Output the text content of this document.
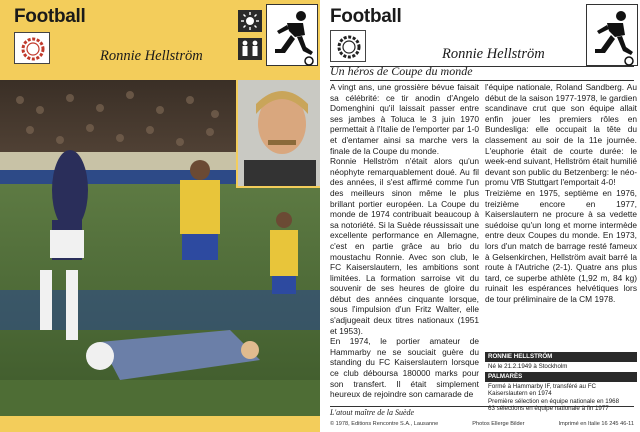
Football
Ronnie Hellström
Football
Ronnie Hellström
Un héros de Coupe du monde

A vingt ans, une grossière bévue faisait sa célébrité: ce tir anodin d'Angelo Domenghini qu'il laissait passer entre ses jambes à Toluca le 3 juin 1970 permettait à l'Italie de l'emporter par 1-0 et d'entamer ainsi sa marche vers la finale de la Coupe du monde.

Ronnie Hellström n'était alors qu'un néophyte remarquablement doué. Au fil des années, il s'est affirmé comme l'un des meilleurs sinon même le plus brillant portier européen. La Coupe du monde de 1974 contribuait beaucoup à sa notoriété. Si la Suède réussissait une excellente performance en Allemagne, c'est en partie grâce au brio du moustachu Ronnie. Avec son club, le FC Kaiserslautern, les ambitions sont limitées. La formation sarroise vit du souvenir de ses heures de gloire du début des années cinquante lorsque, sous l'impulsion d'un Fritz Walter, elle s'adjugeait deux titres nationaux (1951 et 1953).

En 1974, le portier amateur de Hammarby ne se souciait guère du standing du FC Kaiserslautern lorsque ce club déboursa 180000 marks pour son transfert. Il était simplement heureux de rejoindre son camarade de

l'équipe nationale, Roland Sandberg. Au début de la saison 1977-1978, le gardien scandinave crut que son équipe allait enfin jouer les premiers rôles en Bundesliga: elle occupait la tête du classement au soir de la 11e journée. L'euphorie était de courte durée: le week-end suivant, Hellström était humilié devant son public du Betzenberg: le néo-promu VfB Stuttgart l'emportait 4-0!

Treizième en 1975, septième en 1976, treizième encore en 1977, Kaiserslautern ne procure à sa vedette suédoise qu'un long et morne intermède entre deux Coupes du monde. En 1973, lors d'un match de barrage resté fameux à Gelsenkirchen, Hellström avait barré la route à l'Autriche (2-1). Quatre ans plus tard, ce superbe athlète (1,92 m, 84 kg) ruinait les espérances helvétiques lors de tour préliminaire de la CM 1978.

RONNIE HELLSTRÖM
Né le 21.2.1949 à Stockholm
PALMARÈS
Formé à Hammarby IF, transféré au FC Kaiserslautern en 1974
Première sélection en équipe nationale en 1968
63 sélections en équipe nationale à fin 1977
L'atout maître de la Suède
© 1978, Editions Rencontre S.A., Lausanne	Photos Ellerge Bilder	Imprimé en Italie 16 245 46-11
